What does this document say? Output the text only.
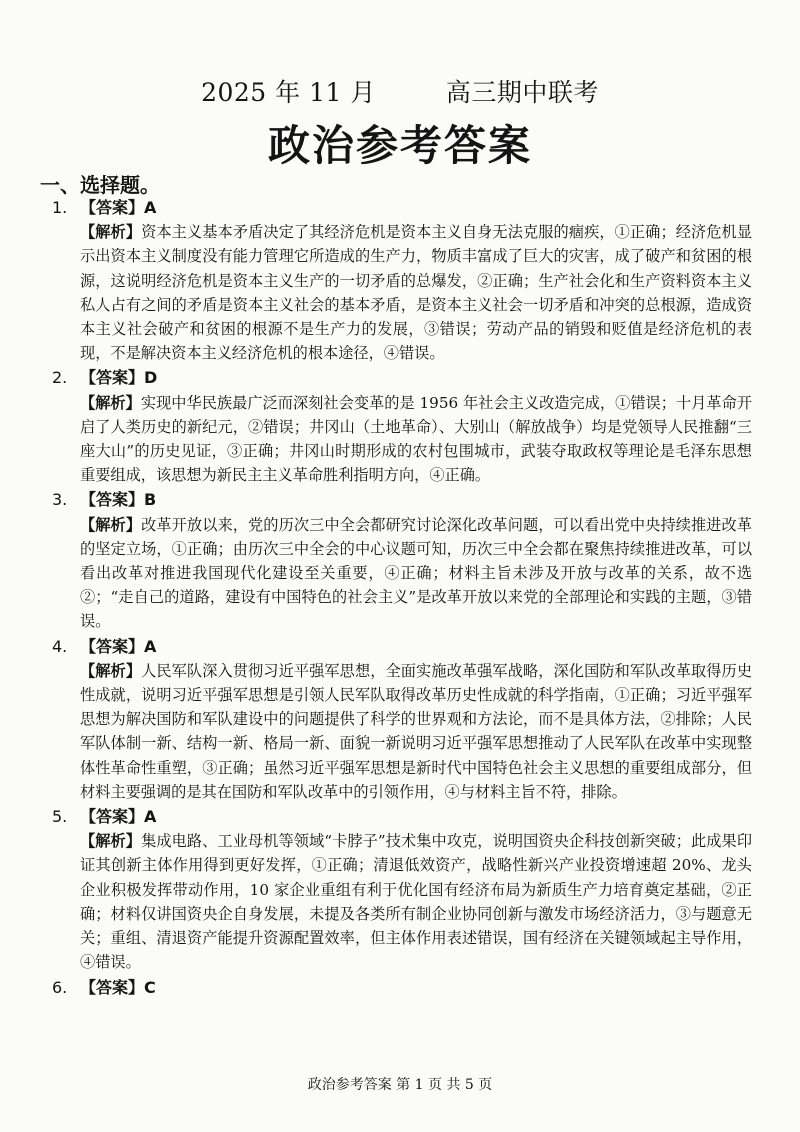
2025 年 11 月	高三期中联考
政治参考答案
一、选择题。
1. 【答案】A
【解析】资本主义基本矛盾决定了其经济危机是资本主义自身无法克服的痼疾，①正确；经济危机显示出资本主义制度没有能力管理它所造成的生产力，物质丰富成了巨大的灾害，成了破产和贫困的根源，这说明经济危机是资本主义生产的一切矛盾的总爆发，②正确；生产社会化和生产资料资本主义私人占有之间的矛盾是资本主义社会的基本矛盾，是资本主义社会一切矛盾和冲突的总根源，造成资本主义社会破产和贫困的根源不是生产力的发展，③错误；劳动产品的销毁和贬值是经济危机的表现，不是解决资本主义经济危机的根本途径，④错误。
2. 【答案】D
【解析】实现中华民族最广泛而深刻社会变革的是 1956 年社会主义改造完成，①错误；十月革命开启了人类历史的新纪元，②错误；井冈山（土地革命）、大别山（解放战争）均是党领导人民推翻“三座大山”的历史见证，③正确；井冈山时期形成的农村包围城市，武装夺取政权等理论是毛泽东思想重要组成，该思想为新民主主义革命胜利指明方向，④正确。
3. 【答案】B
【解析】改革开放以来，党的历次三中全会都研究讨论深化改革问题，可以看出党中央持续推进改革的坚定立场，①正确；由历次三中全会的中心议题可知，历次三中全会都在聚焦持续推进改革，可以看出改革对推进我国现代化建设至关重要，④正确；材料主旨未涉及开放与改革的关系，故不选②；“走自己的道路，建设有中国特色的社会主义”是改革开放以来党的全部理论和实践的主题，③错误。
4. 【答案】A
【解析】人民军队深入贯彻习近平强军思想，全面实施改革强军战略，深化国防和军队改革取得历史性成就，说明习近平强军思想是引领人民军队取得改革历史性成就的科学指南，①正确；习近平强军思想为解决国防和军队建设中的问题提供了科学的世界观和方法论，而不是具体方法，②排除；人民军队体制一新、结构一新、格局一新、面貌一新说明习近平强军思想推动了人民军队在改革中实现整体性革命性重塑，③正确；虽然习近平强军思想是新时代中国特色社会主义思想的重要组成部分，但材料主要强调的是其在国防和军队改革中的引领作用，④与材料主旨不符，排除。
5. 【答案】A
【解析】集成电路、工业母机等领域“卡脖子”技术集中攻克，说明国资央企科技创新突破；此成果印证其创新主体作用得到更好发挥，①正确；清退低效资产，战略性新兴产业投资增速超 20%、龙头企业积极发挥带动作用，10 家企业重组有利于优化国有经济布局为新质生产力培育奠定基础，②正确；材料仅讲国资央企自身发展，未提及各类所有制企业协同创新与激发市场经济活力，③与题意无关；重组、清退资产能提升资源配置效率，但主体作用表述错误，国有经济在关键领域起主导作用，④错误。
6. 【答案】C
政治参考答案 第 1 页 共 5 页
